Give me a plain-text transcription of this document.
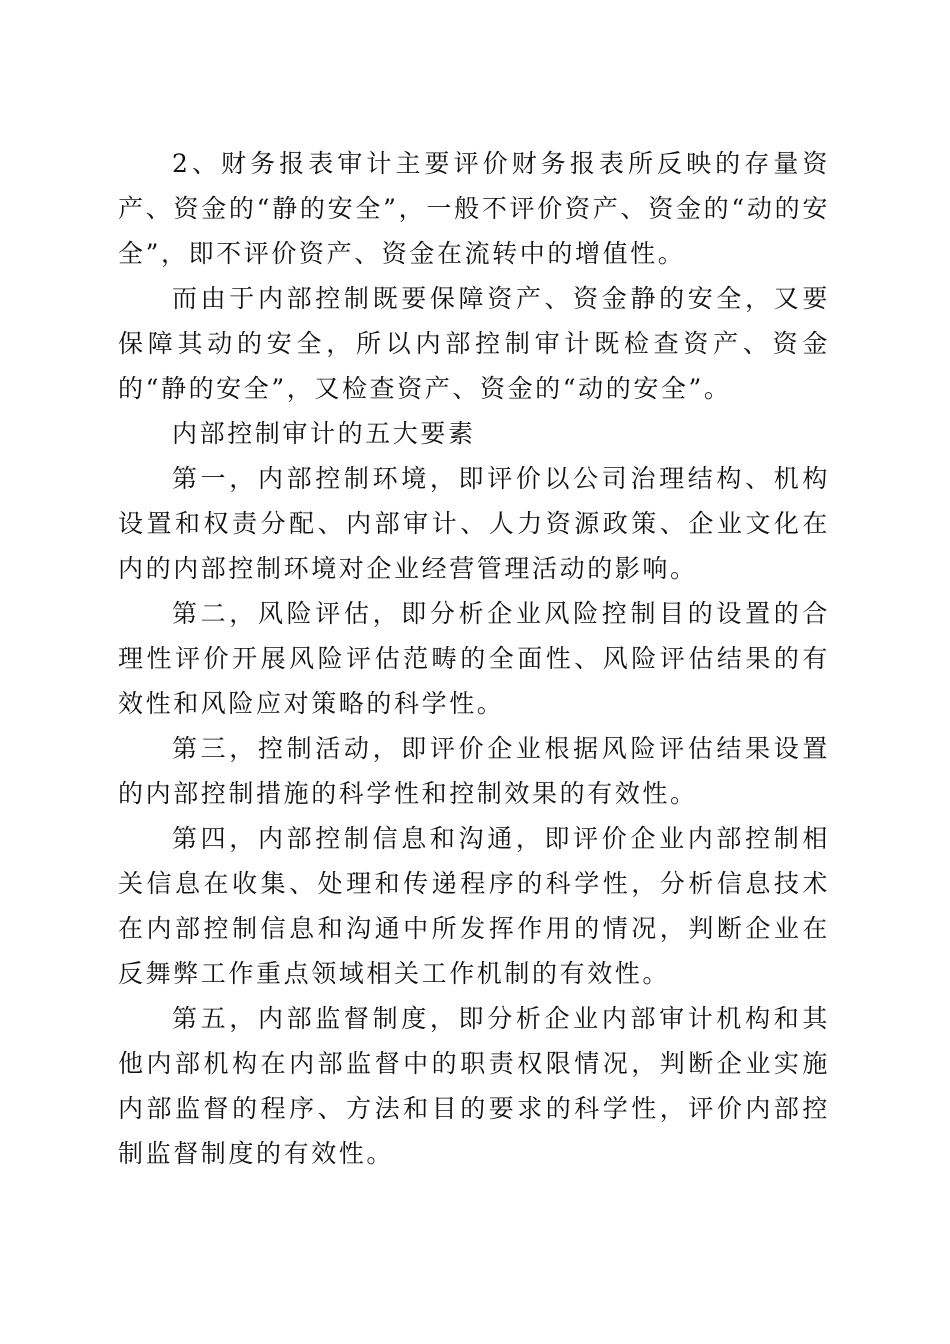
2、财务报表审计主要评价财务报表所反映的存量资产、资金的“静的安全”，一般不评价资产、资金的“动的安全”，即不评价资产、资金在流转中的增值性。

而由于内部控制既要保障资产、资金静的安全，又要保障其动的安全，所以内部控制审计既检查资产、资金的“静的安全”，又检查资产、资金的“动的安全”。

内部控制审计的五大要素

第一，内部控制环境，即评价以公司治理结构、机构设置和权责分配、内部审计、人力资源政策、企业文化在内的内部控制环境对企业经营管理活动的影响。

第二，风险评估，即分析企业风险控制目的设置的合理性评价开展风险评估范畴的全面性、风险评估结果的有效性和风险应对策略的科学性。

第三，控制活动，即评价企业根据风险评估结果设置的内部控制措施的科学性和控制效果的有效性。

第四，内部控制信息和沟通，即评价企业内部控制相关信息在收集、处理和传递程序的科学性，分析信息技术在内部控制信息和沟通中所发挥作用的情况，判断企业在反舞弊工作重点领域相关工作机制的有效性。

第五，内部监督制度，即分析企业内部审计机构和其他内部机构在内部监督中的职责权限情况，判断企业实施内部监督的程序、方法和目的要求的科学性，评价内部控制监督制度的有效性。
